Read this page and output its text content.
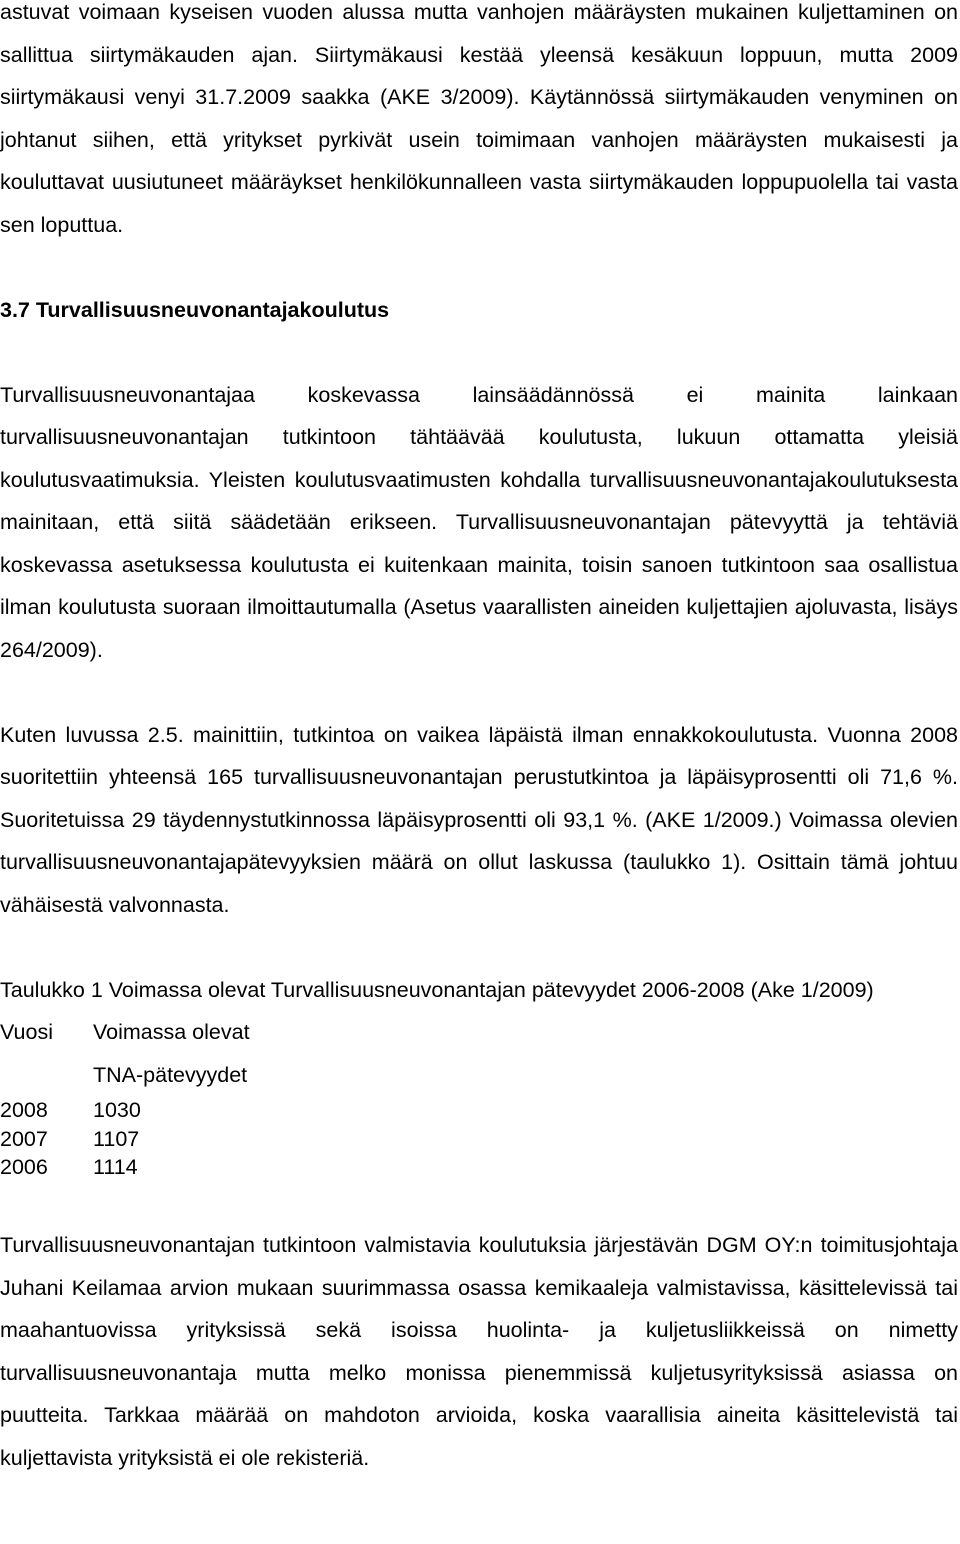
astuvat voimaan kyseisen vuoden alussa mutta vanhojen määräysten mukainen kuljettaminen on sallittua siirtymäkauden ajan. Siirtymäkausi kestää yleensä kesäkuun loppuun, mutta 2009 siirtymäkausi venyi 31.7.2009 saakka (AKE 3/2009). Käytännössä siirtymäkauden venyminen on johtanut siihen, että yritykset pyrkivät usein toimimaan vanhojen määräysten mukaisesti ja kouluttavat uusiutuneet määräykset henkilökunnalleen vasta siirtymäkauden loppupuolella tai vasta sen loputtua.

3.7 Turvallisuusneuvonantajakoulutus

Turvallisuusneuvonantajaa koskevassa lainsäädännössä ei mainita lainkaan turvallisuusneuvonantajan tutkintoon tähtäävää koulutusta, lukuun ottamatta yleisiä koulutusvaatimuksia. Yleisten koulutusvaatimusten kohdalla turvallisuusneuvonantajakoulutuksesta mainitaan, että siitä säädetään erikseen. Turvallisuusneuvonantajan pätevyyttä ja tehtäviä koskevassa asetuksessa koulutusta ei kuitenkaan mainita, toisin sanoen tutkintoon saa osallistua ilman koulutusta suoraan ilmoittautumalla (Asetus vaarallisten aineiden kuljettajien ajoluvasta, lisäys 264/2009).

Kuten luvussa 2.5. mainittiin, tutkintoa on vaikea läpäistä ilman ennakkokoulutusta. Vuonna 2008 suoritettiin yhteensä 165 turvallisuusneuvonantajan perustutkintoa ja läpäisyprosentti oli 71,6 %. Suoritetuissa 29 täydennystutkinnossa läpäisyprosentti oli 93,1 %. (AKE 1/2009.) Voimassa olevien turvallisuusneuvonantajapätevyyksien määrä on ollut laskussa (taulukko 1). Osittain tämä johtuu vähäisestä valvonnasta.

Taulukko 1 Voimassa olevat Turvallisuusneuvonantajan pätevyydet 2006-2008 (Ake 1/2009)

Vuosi	Voimassa olevat
TNA-pätevyydet

2008	1030
2007	1107
2006	1114

Turvallisuusneuvonantajan tutkintoon valmistavia koulutuksia järjestävän DGM OY:n toimitusjohtaja Juhani Keilamaa arvion mukaan suurimmassa osassa kemikaaleja valmistavissa, käsittelevissä tai maahantuovissa yrityksissä sekä isoissa huolinta- ja kuljetusliikkeissä on nimetty turvallisuusneuvonantaja mutta melko monissa pienemmissä kuljetusyrityksissä asiassa on puutteita. Tarkkaa määrää on mahdoton arvioida, koska vaarallisia aineita käsittelevistä tai kuljettavista yrityksistä ei ole rekisteriä.
